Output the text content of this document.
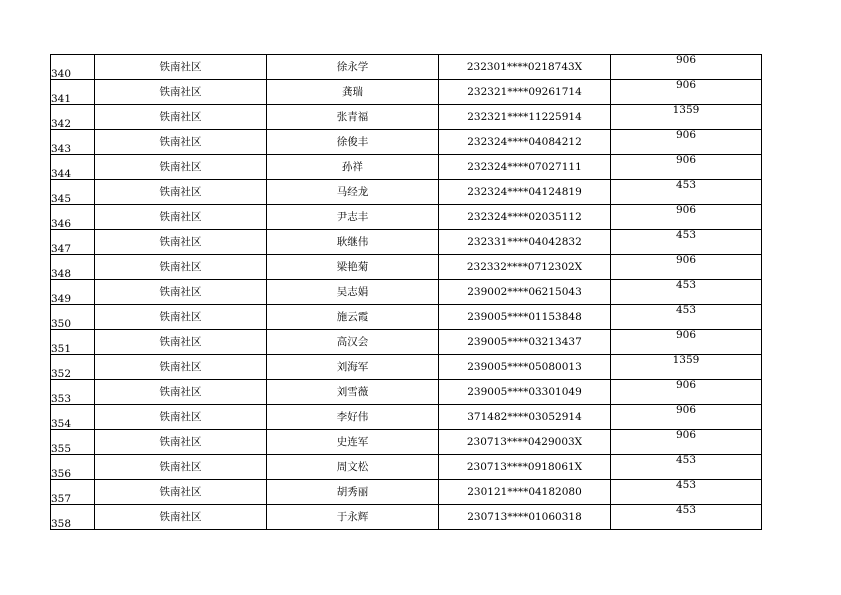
340	铁南社区	徐永学	232301****0218743X	906
341	铁南社区	龚瑞	232321****09261714	906
342	铁南社区	张青福	232321****11225914	1359
343	铁南社区	徐俊丰	232324****04084212	906
344	铁南社区	孙祥	232324****07027111	906
345	铁南社区	马经龙	232324****04124819	453
346	铁南社区	尹志丰	232324****02035112	906
347	铁南社区	耿继伟	232331****04042832	453
348	铁南社区	梁艳菊	232332****0712302X	906
349	铁南社区	吴志娟	239002****06215043	453
350	铁南社区	施云霞	239005****01153848	453
351	铁南社区	高汉会	239005****03213437	906
352	铁南社区	刘海军	239005****05080013	1359
353	铁南社区	刘雪薇	239005****03301049	906
354	铁南社区	李好伟	371482****03052914	906
355	铁南社区	史连军	230713****0429003X	906
356	铁南社区	周文松	230713****0918061X	453
357	铁南社区	胡秀丽	230121****04182080	453
358	铁南社区	于永辉	230713****01060318	453
